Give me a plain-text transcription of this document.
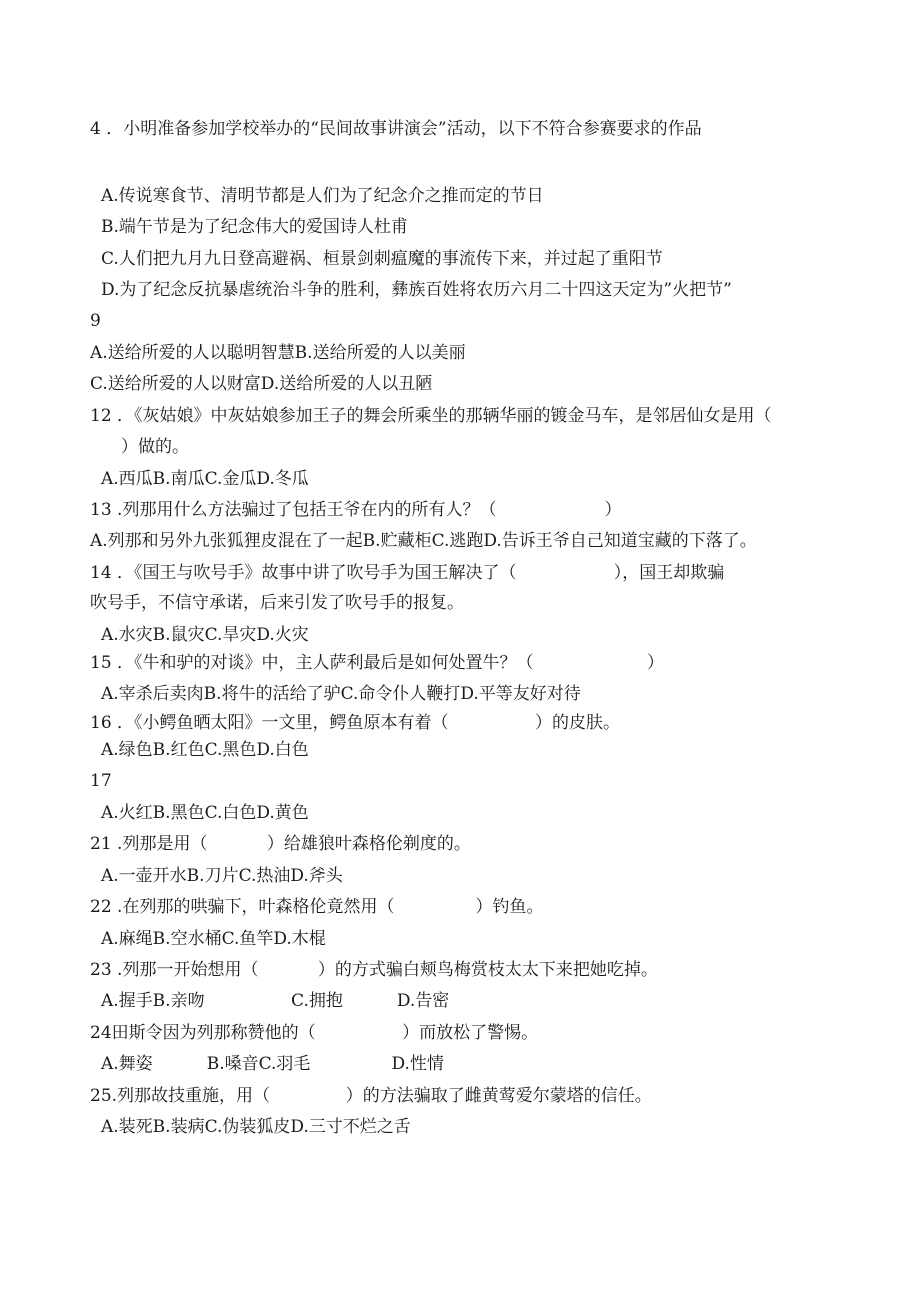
4 ．小明准备参加学校举办的“民间故事讲演会”活动，以下不符合参赛要求的作品
A.传说寒食节、清明节都是人们为了纪念介之推而定的节日
B.端午节是为了纪念伟大的爱国诗人杜甫
C.人们把九月九日登高避祸、桓景剑刺瘟魔的事流传下来，并过起了重阳节
D.为了纪念反抗暴虐统治斗争的胜利，彝族百姓将农历六月二十四这天定为”火把节”
9
A.送给所爱的人以聪明智慧B.送给所爱的人以美丽
C.送给所爱的人以财富D.送给所爱的人以丑陋
12 ．《灰姑娘》中灰姑娘参加王子的舞会所乘坐的那辆华丽的镀金马车，是邻居仙女是用（
）做的。
A.西瓜B.南瓜C.金瓜D.冬瓜
13 .列那用什么方法骗过了包括王爷在内的所有人？（                    ）
A.列那和另外九张狐狸皮混在了一起B.贮藏柜C.逃跑D.告诉王爷自己知道宝藏的下落了。
14 ．《国王与吹号手》故事中讲了吹号手为国王解决了（                  ），国王却欺骗
吹号手，不信守承诺，后来引发了吹号手的报复。
A.水灾B.鼠灾C.旱灾D.火灾
15 ．《牛和驴的对谈》中，主人萨利最后是如何处置牛？（                     ）
A.宰杀后卖肉B.将牛的活给了驴C.命令仆人鞭打D.平等友好对待
16 ．《小鳄鱼晒太阳》一文里，鳄鱼原本有着（                ）的皮肤。
A.绿色B.红色C.黑色D.白色
17
A.火红B.黑色C.白色D.黄色
21 .列那是用（           ）给雄狼叶森格伦剃度的。
A.一壶开水B.刀片C.热油D.斧头
22 .在列那的哄骗下，叶森格伦竟然用（               ）钓鱼。
A.麻绳B.空水桶C.鱼竿D.木棍
23 .列那一开始想用（           ）的方式骗白颊鸟梅赏枝太太下来把她吃掉。
A.握手B.亲吻                C.拥抱          D.告密
24田斯令因为列那称赞他的（                ）而放松了警惕。
A.舞姿          B.嗓音C.羽毛               D.性情
25.列那故技重施，用（              ）的方法骗取了雌黄莺爱尔蒙塔的信任。
A.装死B.装病C.伪装狐皮D.三寸不烂之舌
